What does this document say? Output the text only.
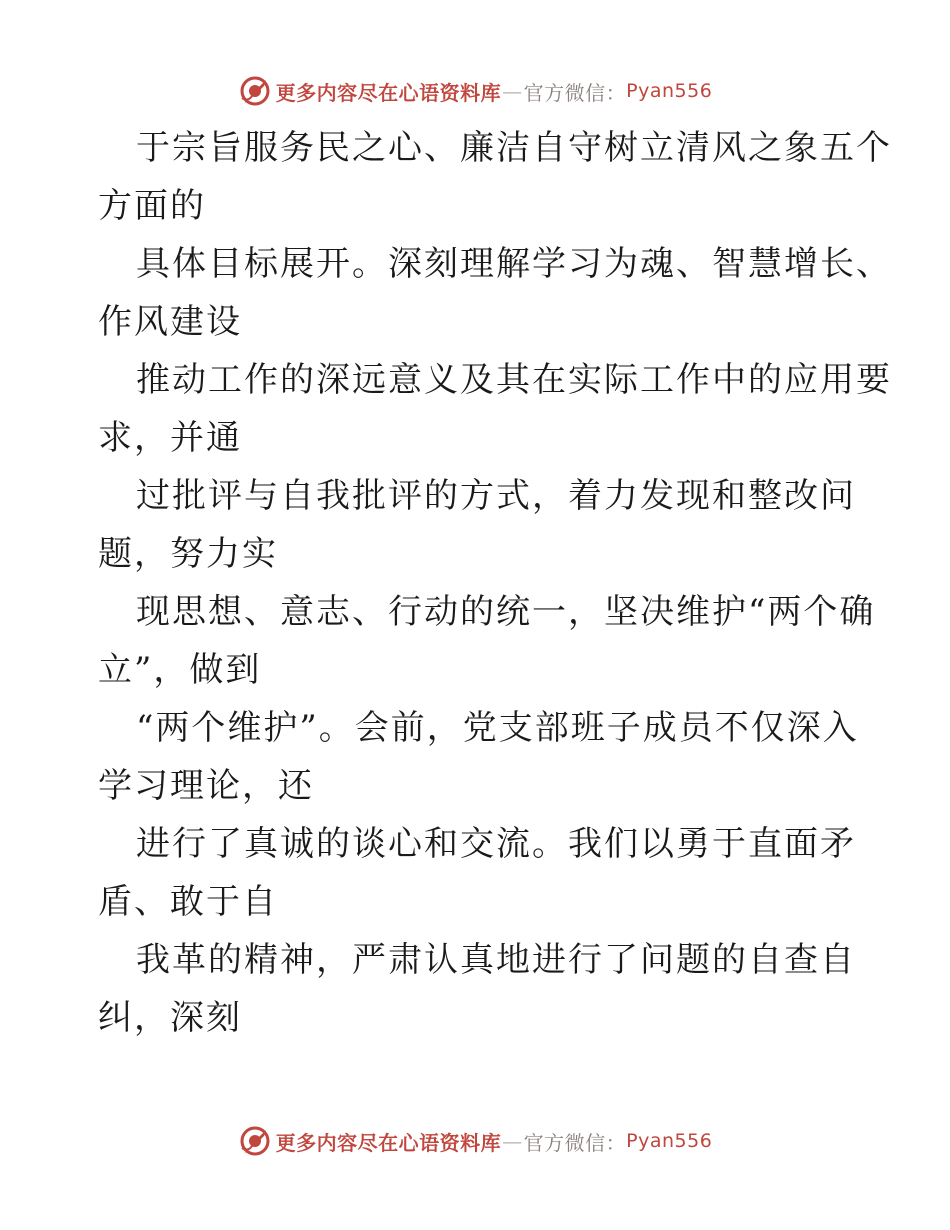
更多内容尽在心语资料库 — 官方微信： Pyan556
于宗旨服务民之心、廉洁自守树立清风之象五个
方面的
具体目标展开。深刻理解学习为魂、智慧增长、
作风建设
推动工作的深远意义及其在实际工作中的应用要
求，并通
过批评与自我批评的方式，着力发现和整改问
题，努力实
现思想、意志、行动的统一，坚决维护“两个确
立”，做到
“两个维护”。会前，党支部班子成员不仅深入
学习理论，还
进行了真诚的谈心和交流。我们以勇于直面矛
盾、敢于自
我革的精神，严肃认真地进行了问题的自查自
纠，深刻
更多内容尽在心语资料库 — 官方微信： Pyan556
